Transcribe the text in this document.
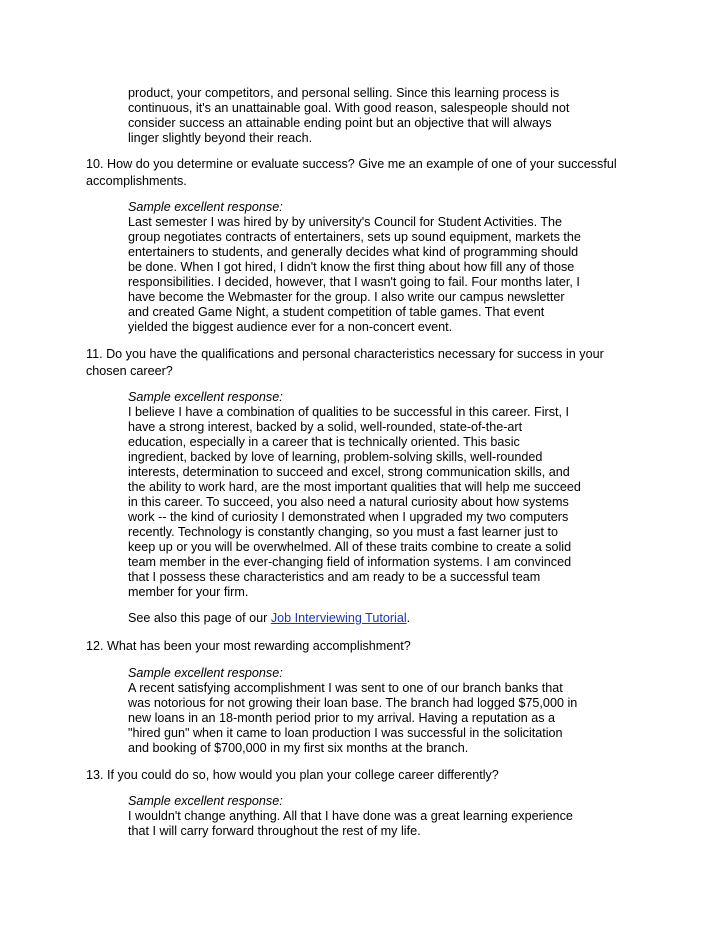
product, your competitors, and personal selling. Since this learning process is
continuous, it's an unattainable goal. With good reason, salespeople should not
consider success an attainable ending point but an objective that will always
linger slightly beyond their reach.
10. How do you determine or evaluate success? Give me an example of one of your successful
accomplishments.
Sample excellent response:
Last semester I was hired by by university's Council for Student Activities. The
group negotiates contracts of entertainers, sets up sound equipment, markets the
entertainers to students, and generally decides what kind of programming should
be done. When I got hired, I didn't know the first thing about how fill any of those
responsibilities. I decided, however, that I wasn't going to fail. Four months later, I
have become the Webmaster for the group. I also write our campus newsletter
and created Game Night, a student competition of table games. That event
yielded the biggest audience ever for a non-concert event.
11. Do you have the qualifications and personal characteristics necessary for success in your
chosen career?
Sample excellent response:
I believe I have a combination of qualities to be successful in this career. First, I
have a strong interest, backed by a solid, well-rounded, state-of-the-art
education, especially in a career that is technically oriented. This basic
ingredient, backed by love of learning, problem-solving skills, well-rounded
interests, determination to succeed and excel, strong communication skills, and
the ability to work hard, are the most important qualities that will help me succeed
in this career. To succeed, you also need a natural curiosity about how systems
work -- the kind of curiosity I demonstrated when I upgraded my two computers
recently. Technology is constantly changing, so you must a fast learner just to
keep up or you will be overwhelmed. All of these traits combine to create a solid
team member in the ever-changing field of information systems. I am convinced
that I possess these characteristics and am ready to be a successful team
member for your firm.
See also this page of our Job Interviewing Tutorial.
12. What has been your most rewarding accomplishment?
Sample excellent response:
A recent satisfying accomplishment I was sent to one of our branch banks that
was notorious for not growing their loan base. The branch had logged $75,000 in
new loans in an 18-month period prior to my arrival. Having a reputation as a
"hired gun" when it came to loan production I was successful in the solicitation
and booking of $700,000 in my first six months at the branch.
13. If you could do so, how would you plan your college career differently?
Sample excellent response:
I wouldn't change anything. All that I have done was a great learning experience
that I will carry forward throughout the rest of my life.
